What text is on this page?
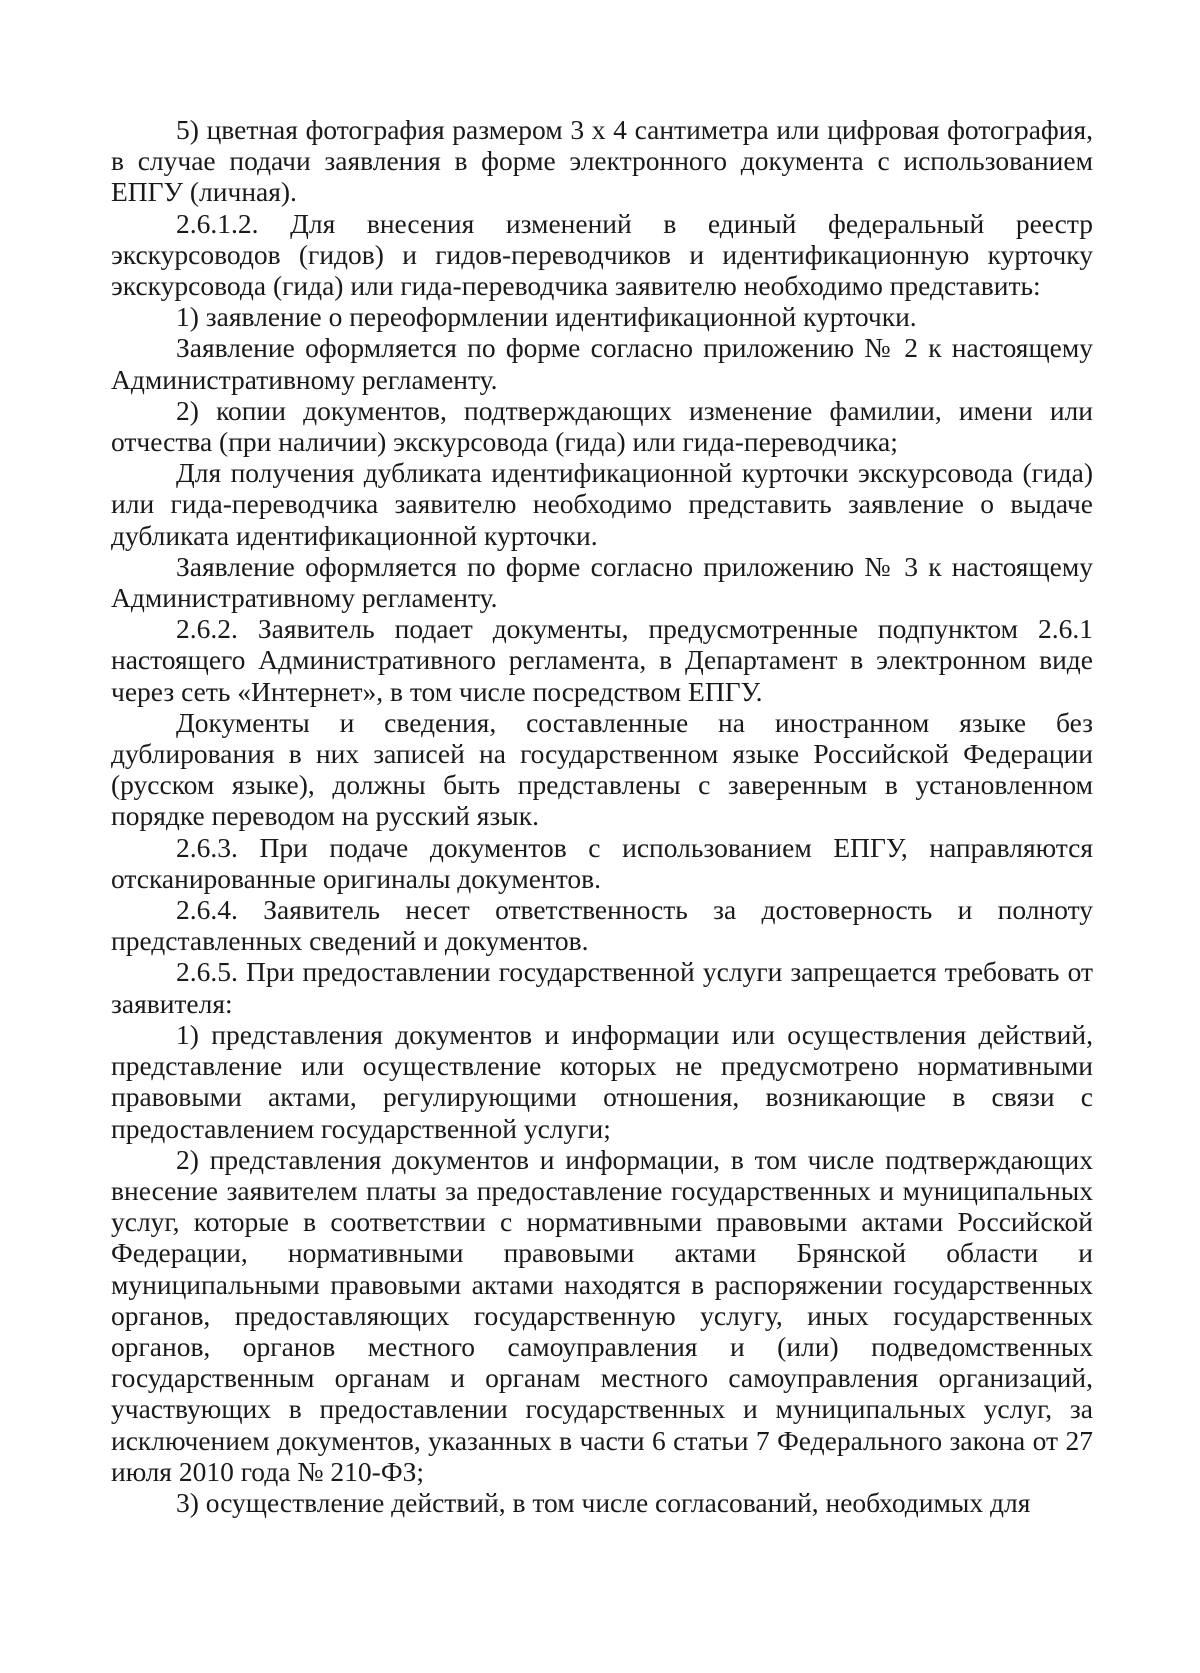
5) цветная фотография размером 3 x 4 сантиметра или цифровая фотография, в случае подачи заявления в форме электронного документа с использованием ЕПГУ (личная).

2.6.1.2. Для внесения изменений в единый федеральный реестр экскурсоводов (гидов) и гидов-переводчиков и идентификационную курточку экскурсовода (гида) или гида-переводчика заявителю необходимо представить:

1) заявление о переоформлении идентификационной курточки.

Заявление оформляется по форме согласно приложению № 2 к настоящему Административному регламенту.

2) копии документов, подтверждающих изменение фамилии, имени или отчества (при наличии) экскурсовода (гида) или гида-переводчика;

Для получения дубликата идентификационной курточки экскурсовода (гида) или гида-переводчика заявителю необходимо представить заявление о выдаче дубликата идентификационной курточки.

Заявление оформляется по форме согласно приложению № 3 к настоящему Административному регламенту.

2.6.2. Заявитель подает документы, предусмотренные подпунктом 2.6.1 настоящего Административного регламента, в Департамент в электронном виде через сеть «Интернет», в том числе посредством ЕПГУ.

Документы и сведения, составленные на иностранном языке без дублирования в них записей на государственном языке Российской Федерации (русском языке), должны быть представлены с заверенным в установленном порядке переводом на русский язык.

2.6.3. При подаче документов с использованием ЕПГУ, направляются отсканированные оригиналы документов.

2.6.4. Заявитель несет ответственность за достоверность и полноту представленных сведений и документов.

2.6.5. При предоставлении государственной услуги запрещается требовать от заявителя:

1) представления документов и информации или осуществления действий, представление или осуществление которых не предусмотрено нормативными правовыми актами, регулирующими отношения, возникающие в связи с предоставлением государственной услуги;

2) представления документов и информации, в том числе подтверждающих внесение заявителем платы за предоставление государственных и муниципальных услуг, которые в соответствии с нормативными правовыми актами Российской Федерации, нормативными правовыми актами Брянской области и муниципальными правовыми актами находятся в распоряжении государственных органов, предоставляющих государственную услугу, иных государственных органов, органов местного самоуправления и (или) подведомственных государственным органам и органам местного самоуправления организаций, участвующих в предоставлении государственных и муниципальных услуг, за исключением документов, указанных в части 6 статьи 7 Федерального закона от 27 июля 2010 года № 210-ФЗ;

3) осуществление действий, в том числе согласований, необходимых для
